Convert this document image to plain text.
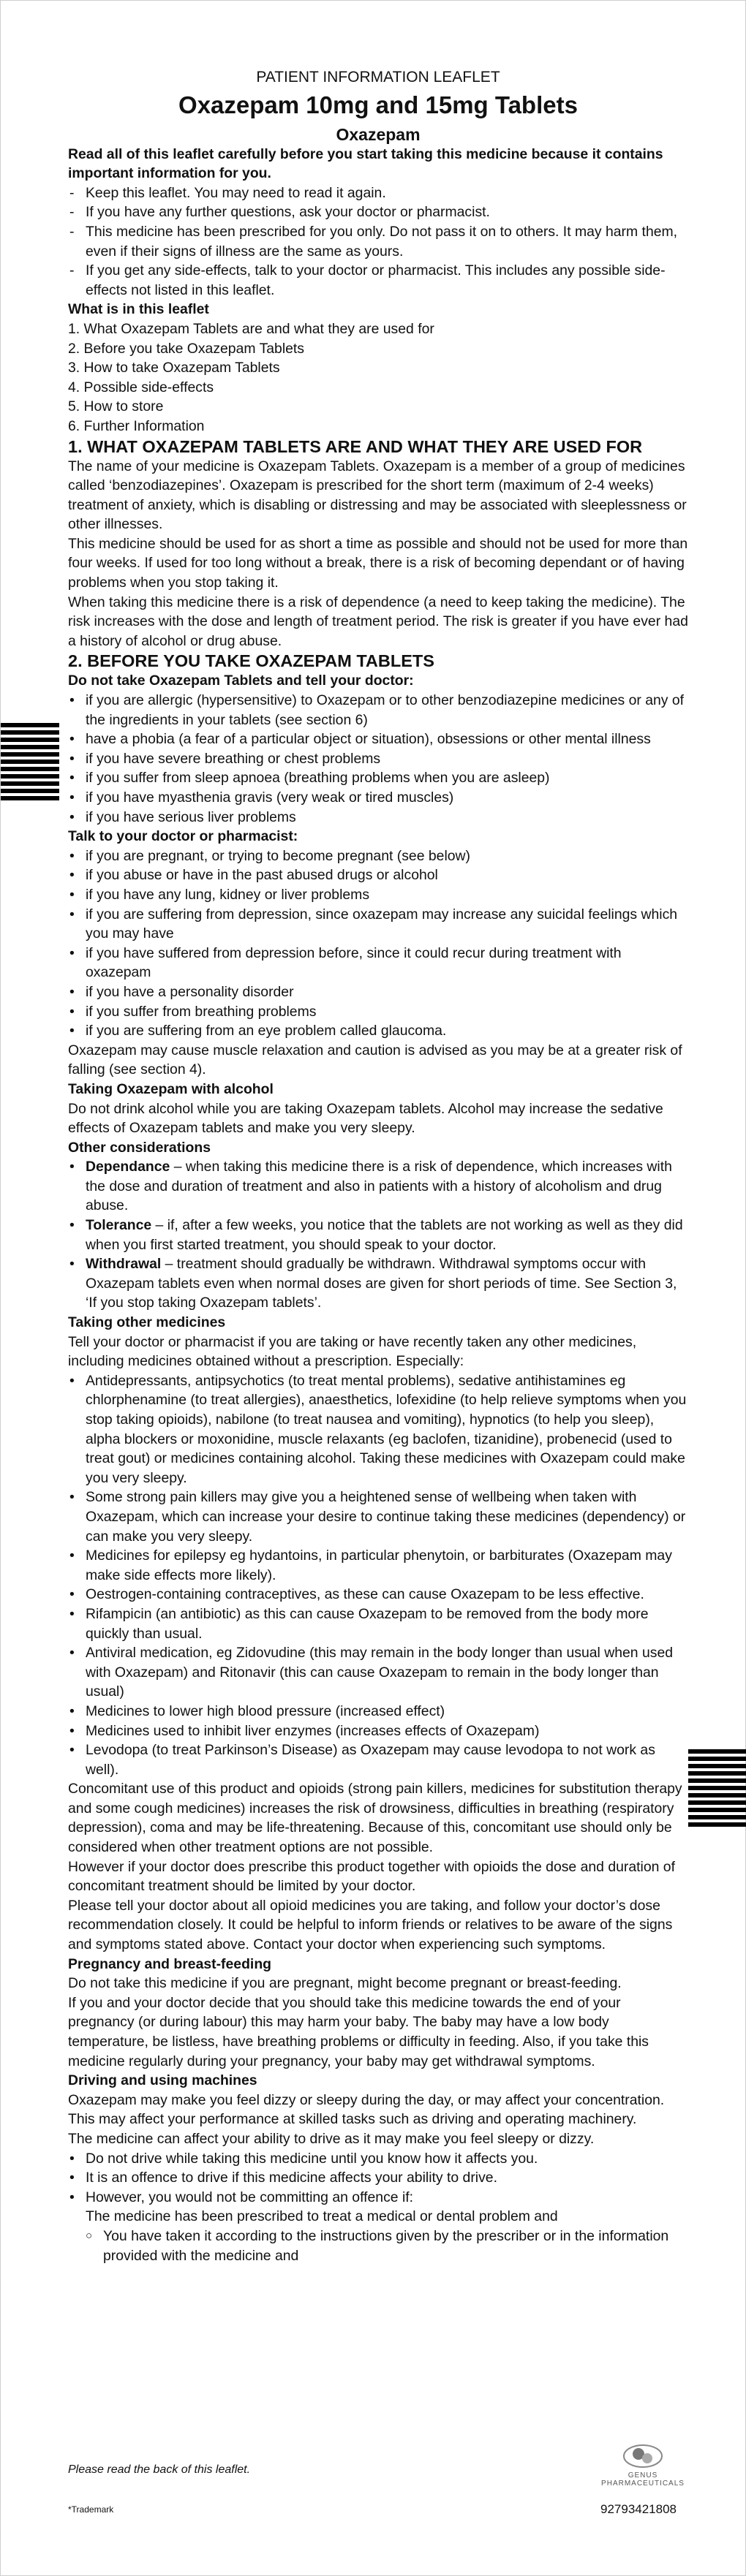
PATIENT INFORMATION LEAFLET

Oxazepam 10mg and 15mg Tablets

Oxazepam

Read all of this leaflet carefully before you start taking this medicine because it contains important information for you.

- Keep this leaflet. You may need to read it again.
- If you have any further questions, ask your doctor or pharmacist.
- This medicine has been prescribed for you only. Do not pass it on to others. It may harm them, even if their signs of illness are the same as yours.
- If you get any side-effects, talk to your doctor or pharmacist. This includes any possible side-effects not listed in this leaflet.

What is in this leaflet

1. What Oxazepam Tablets are and what they are used for

2. Before you take Oxazepam Tablets

3. How to take Oxazepam Tablets

4. Possible side-effects

5. How to store

6. Further Information

1. WHAT OXAZEPAM TABLETS ARE AND WHAT THEY ARE USED FOR

The name of your medicine is Oxazepam Tablets. Oxazepam is a member of a group of medicines called ‘benzodiazepines’. Oxazepam is prescribed for the short term (maximum of 2-4 weeks) treatment of anxiety, which is disabling or distressing and may be associated with sleeplessness or other illnesses.

This medicine should be used for as short a time as possible and should not be used for more than four weeks. If used for too long without a break, there is a risk of becoming dependant or of having problems when you stop taking it.

When taking this medicine there is a risk of dependence (a need to keep taking the medicine). The risk increases with the dose and length of treatment period. The risk is greater if you have ever had a history of alcohol or drug abuse.

2. BEFORE YOU TAKE OXAZEPAM TABLETS

Do not take Oxazepam Tablets and tell your doctor:

• if you are allergic (hypersensitive) to Oxazepam or to other benzodiazepine medicines or any of the ingredients in your tablets (see section 6)
• have a phobia (a fear of a particular object or situation), obsessions or other mental illness
• if you have severe breathing or chest problems
• if you suffer from sleep apnoea (breathing problems when you are asleep)
• if you have myasthenia gravis (very weak or tired muscles)
• if you have serious liver problems

Talk to your doctor or pharmacist:

• if you are pregnant, or trying to become pregnant (see below)
• if you abuse or have in the past abused drugs or alcohol
• if you have any lung, kidney or liver problems
• if you are suffering from depression, since oxazepam may increase any suicidal feelings which you may have
• if you have suffered from depression before, since it could recur during treatment with oxazepam
• if you have a personality disorder
• if you suffer from breathing problems
• if you are suffering from an eye problem called glaucoma.

Oxazepam may cause muscle relaxation and caution is advised as you may be at a greater risk of falling (see section 4).

Taking Oxazepam with alcohol

Do not drink alcohol while you are taking Oxazepam tablets. Alcohol may increase the sedative effects of Oxazepam tablets and make you very sleepy.

Other considerations

• Dependance – when taking this medicine there is a risk of dependence, which increases with the dose and duration of treatment and also in patients with a history of alcoholism and drug abuse.
• Tolerance – if, after a few weeks, you notice that the tablets are not working as well as they did when you first started treatment, you should speak to your doctor.
• Withdrawal – treatment should gradually be withdrawn. Withdrawal symptoms occur with Oxazepam tablets even when normal doses are given for short periods of time. See Section 3, ‘If you stop taking Oxazepam tablets’.

Taking other medicines

Tell your doctor or pharmacist if you are taking or have recently taken any other medicines, including medicines obtained without a prescription. Especially:

• Antidepressants, antipsychotics (to treat mental problems), sedative antihistamines eg chlorphenamine (to treat allergies), anaesthetics, lofexidine (to help relieve symptoms when you stop taking opioids), nabilone (to treat nausea and vomiting), hypnotics (to help you sleep), alpha blockers or moxonidine, muscle relaxants (eg baclofen, tizanidine), probenecid (used to treat gout) or medicines containing alcohol. Taking these medicines with Oxazepam could make you very sleepy.
• Some strong pain killers may give you a heightened sense of wellbeing when taken with Oxazepam, which can increase your desire to continue taking these medicines (dependency) or can make you very sleepy.
• Medicines for epilepsy eg hydantoins, in particular phenytoin, or barbiturates (Oxazepam may make side effects more likely).
• Oestrogen-containing contraceptives, as these can cause Oxazepam to be less effective.
• Rifampicin (an antibiotic) as this can cause Oxazepam to be removed from the body more quickly than usual.
• Antiviral medication, eg Zidovudine (this may remain in the body longer than usual when used with Oxazepam) and Ritonavir (this can cause Oxazepam to remain in the body longer than usual)
• Medicines to lower high blood pressure (increased effect)
• Medicines used to inhibit liver enzymes (increases effects of Oxazepam)
• Levodopa (to treat Parkinson’s Disease) as Oxazepam may cause levodopa to not work as well).

Concomitant use of this product and opioids (strong pain killers, medicines for substitution therapy and some cough medicines) increases the risk of drowsiness, difficulties in breathing (respiratory depression), coma and may be life-threatening. Because of this, concomitant use should only be considered when other treatment options are not possible.

However if your doctor does prescribe this product together with opioids the dose and duration of concomitant treatment should be limited by your doctor.

Please tell your doctor about all opioid medicines you are taking, and follow your doctor’s dose recommendation closely. It could be helpful to inform friends or relatives to be aware of the signs and symptoms stated above. Contact your doctor when experiencing such symptoms.

Pregnancy and breast-feeding

Do not take this medicine if you are pregnant, might become pregnant or breast-feeding.

If you and your doctor decide that you should take this medicine towards the end of your pregnancy (or during labour) this may harm your baby. The baby may have a low body temperature, be listless, have breathing problems or difficulty in feeding. Also, if you take this medicine regularly during your pregnancy, your baby may get withdrawal symptoms.

Driving and using machines

Oxazepam may make you feel dizzy or sleepy during the day, or may affect your concentration. This may affect your performance at skilled tasks such as driving and operating machinery.

The medicine can affect your ability to drive as it may make you feel sleepy or dizzy.

• Do not drive while taking this medicine until you know how it affects you.
• It is an offence to drive if this medicine affects your ability to drive.
• However, you would not be committing an offence if:

The medicine has been prescribed to treat a medical or dental problem and

○ You have taken it according to the instructions given by the prescriber or in the information provided with the medicine and

Please read the back of this leaflet.	GENUS PHARMACEUTICALS

*Trademark	92793421808
